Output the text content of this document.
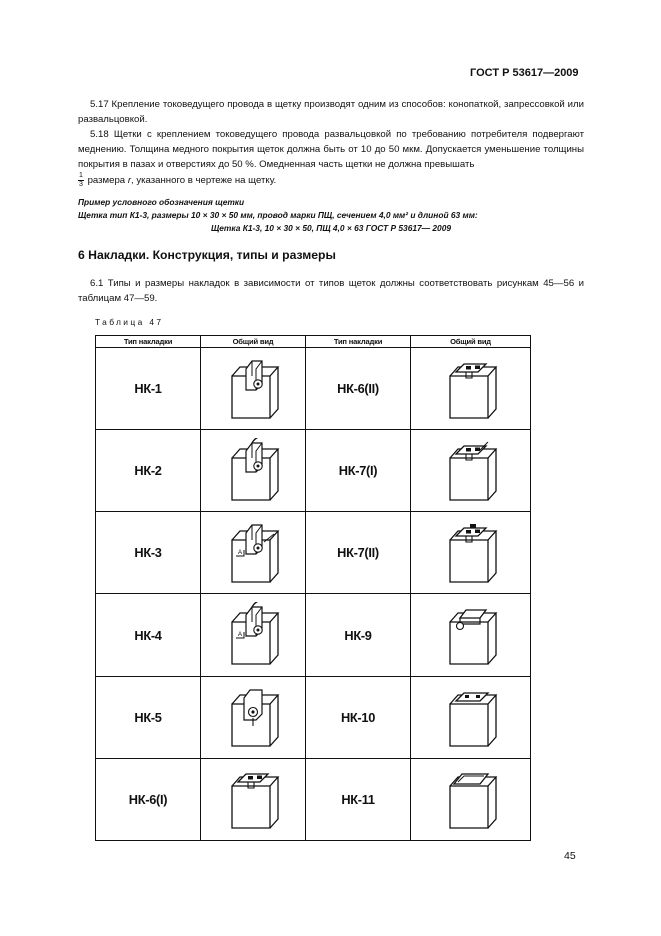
ГОСТ Р 53617—2009

5.17 Крепление токоведущего провода в щетку производят одним из способов: конопаткой, запрессовкой или развальцовкой.

5.18 Щетки с креплением токоведущего провода развальцовкой по требованию потребителя подвергают меднению. Толщина медного покрытия щеток должна быть от 10 до 50 мкм. Допускается уменьшение толщины покрытия в пазах и отверстиях до 50 %. Омедненная часть щетки не должна превышать

$\frac{1}{3}$ размера r, указанного в чертеже на щетку.

Пример условного обозначения щетки
Щетка тип К1-3, размеры 10 × 30 × 50 мм, провод марки ПЩ, сечением 4,0 мм² и длиной 63 мм:
Щетка К1-3, 10 × 30 × 50, ПЩ 4,0 × 63 ГОСТ Р 53617— 2009
6 Накладки. Конструкция, типы и размеры

6.1 Типы и размеры накладок в зависимости от типов щеток должны соответствовать рисункам 45—56 и таблицам 47—59.

Таблица 47
Тип накладки	Общий вид	Тип накладки	Общий вид
НК-1		НК-6(II)	

НК-2		НК-7(I)	

НК-3	A	НК-7(II)	

НК-4	A	НК-9	

НК-5		НК-10	

НК-6(I)		НК-11	
45
